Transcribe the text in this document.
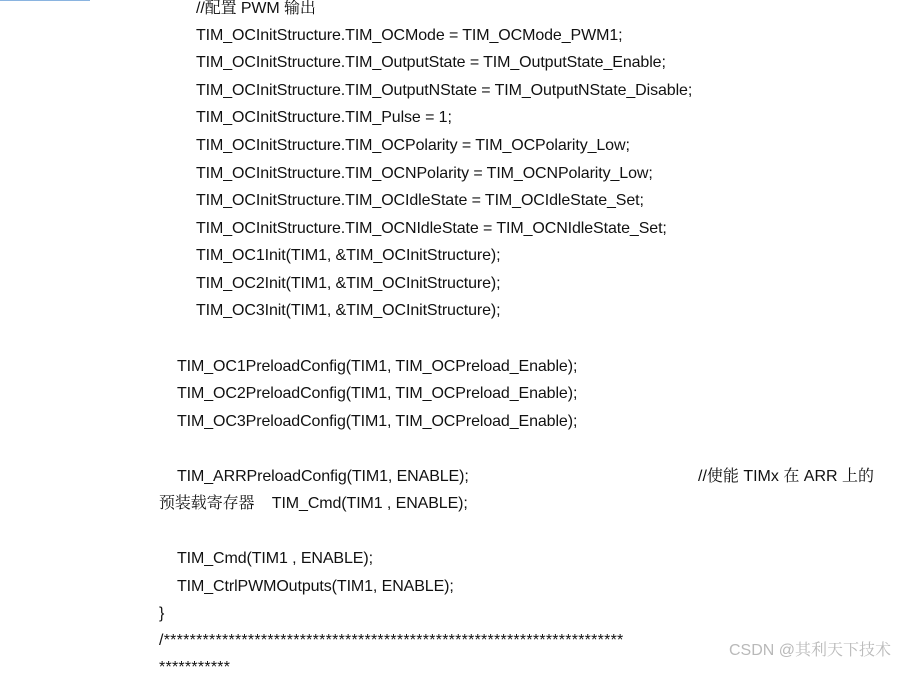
//配置 PWM 输出
TIM_OCInitStructure.TIM_OCMode = TIM_OCMode_PWM1;
TIM_OCInitStructure.TIM_OutputState = TIM_OutputState_Enable;
TIM_OCInitStructure.TIM_OutputNState = TIM_OutputNState_Disable;
TIM_OCInitStructure.TIM_Pulse = 1;
TIM_OCInitStructure.TIM_OCPolarity = TIM_OCPolarity_Low;
TIM_OCInitStructure.TIM_OCNPolarity = TIM_OCNPolarity_Low;
TIM_OCInitStructure.TIM_OCIdleState = TIM_OCIdleState_Set;
TIM_OCInitStructure.TIM_OCNIdleState = TIM_OCNIdleState_Set;
TIM_OC1Init(TIM1, &TIM_OCInitStructure);
TIM_OC2Init(TIM1, &TIM_OCInitStructure);
TIM_OC3Init(TIM1, &TIM_OCInitStructure);
TIM_OC1PreloadConfig(TIM1, TIM_OCPreload_Enable);
TIM_OC2PreloadConfig(TIM1, TIM_OCPreload_Enable);
TIM_OC3PreloadConfig(TIM1, TIM_OCPreload_Enable);
TIM_ARRPreloadConfig(TIM1, ENABLE);	//使能 TIMx 在 ARR 上的
预装载寄存器    TIM_Cmd(TIM1 , ENABLE);
TIM_Cmd(TIM1 , ENABLE);
TIM_CtrlPWMOutputs(TIM1, ENABLE);
}
/***********************************************************************
***********
CSDN @其利天下技术
